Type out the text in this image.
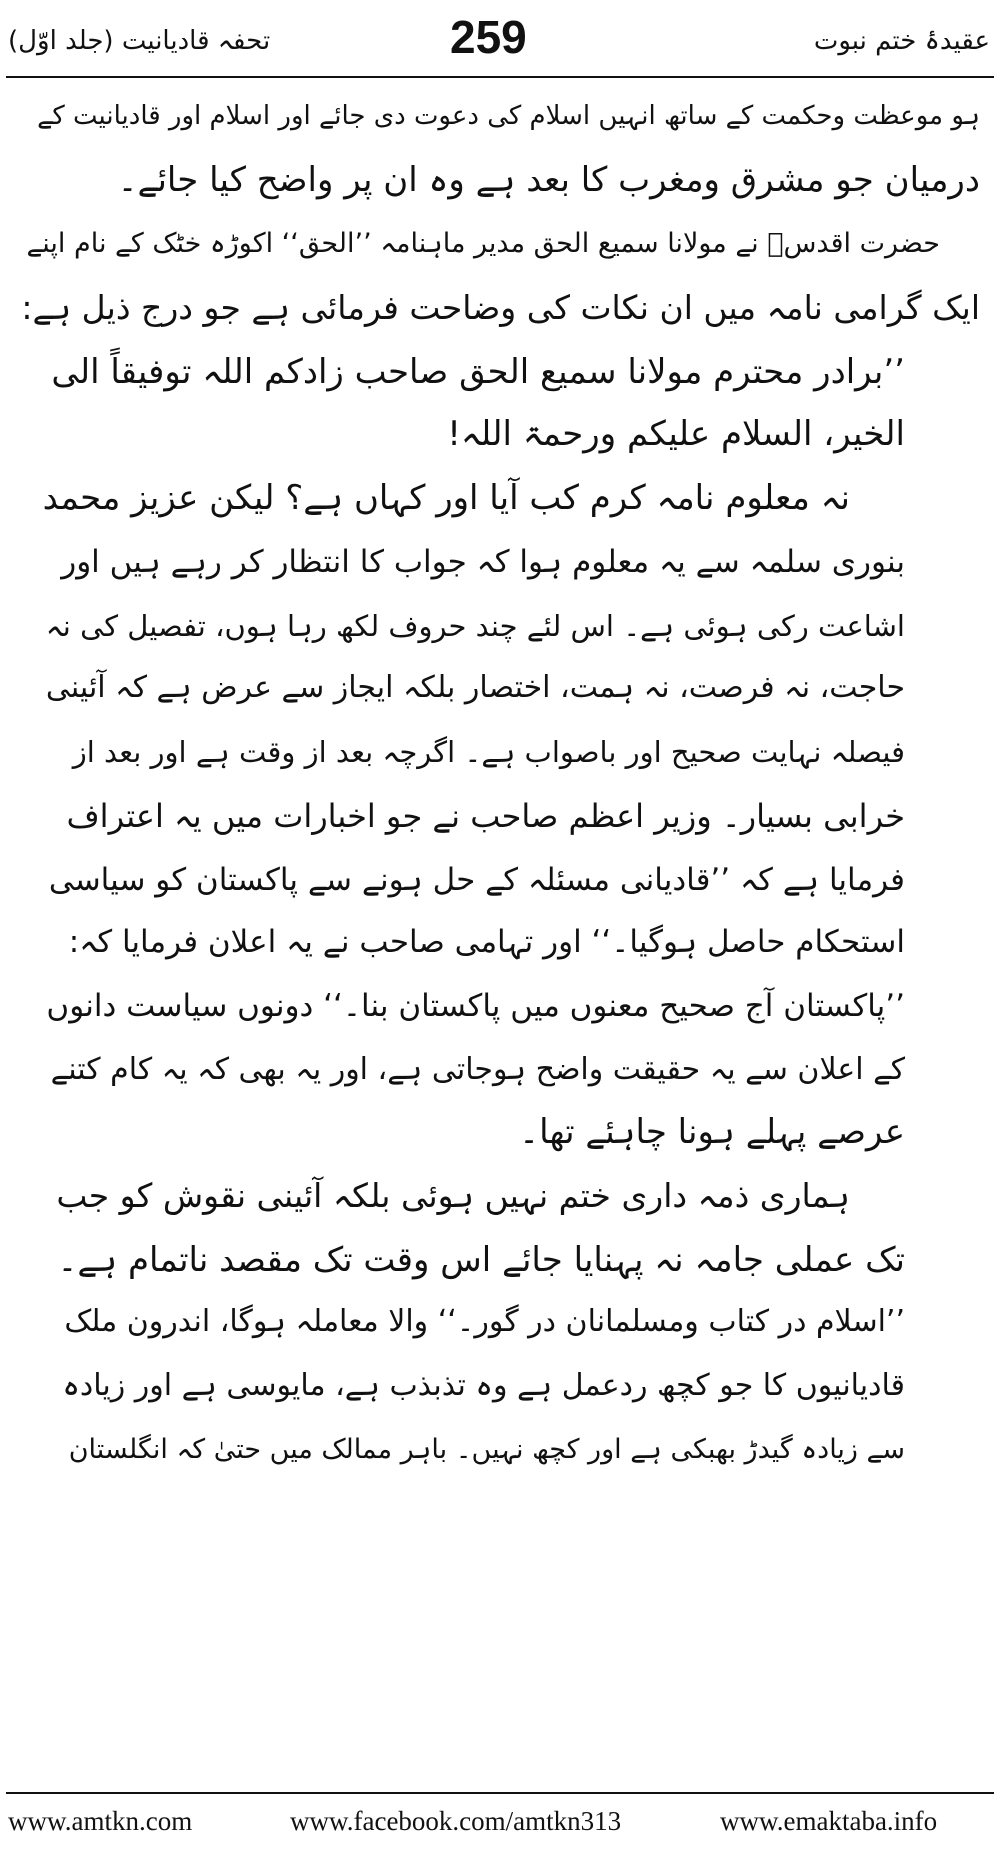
تحفہ قادیانیت (جلد اوّل)	259	عقیدۂ ختم نبوت
ہو موعظت وحکمت کے ساتھ انہیں اسلام کی دعوت دی جائے اور اسلام اور قادیانیت کے
درمیان جو مشرق ومغرب کا بعد ہے وہ ان پر واضح کیا جائے۔
حضرت اقدسؒ نے مولانا سمیع الحق مدیر ماہنامہ ’’الحق‘‘ اکوڑہ خٹک کے نام اپنے
ایک گرامی نامہ میں ان نکات کی وضاحت فرمائی ہے جو درج ذیل ہے:
’’برادر محترم مولانا سمیع الحق صاحب زادکم اللہ توفیقاً الی
الخیر، السلام علیکم ورحمۃ اللہ!
نہ معلوم نامہ کرم کب آیا اور کہاں ہے؟ لیکن عزیز محمد
بنوری سلمہ سے یہ معلوم ہوا کہ جواب کا انتظار کر رہے ہیں اور
اشاعت رکی ہوئی ہے۔ اس لئے چند حروف لکھ رہا ہوں، تفصیل کی نہ
حاجت، نہ فرصت، نہ ہمت، اختصار بلکہ ایجاز سے عرض ہے کہ آئینی
فیصلہ نہایت صحیح اور باصواب ہے۔ اگرچہ بعد از وقت ہے اور بعد از
خرابی بسیار۔ وزیر اعظم صاحب نے جو اخبارات میں یہ اعتراف
فرمایا ہے کہ ’’قادیانی مسئلہ کے حل ہونے سے پاکستان کو سیاسی
استحکام حاصل ہوگیا۔‘‘ اور تہامی صاحب نے یہ اعلان فرمایا کہ:
’’پاکستان آج صحیح معنوں میں پاکستان بنا۔‘‘ دونوں سیاست دانوں
کے اعلان سے یہ حقیقت واضح ہوجاتی ہے، اور یہ بھی کہ یہ کام کتنے
عرصے پہلے ہونا چاہئے تھا۔
ہماری ذمہ داری ختم نہیں ہوئی بلکہ آئینی نقوش کو جب
تک عملی جامہ نہ پہنایا جائے اس وقت تک مقصد ناتمام ہے۔
’’اسلام در کتاب ومسلمانان در گور۔‘‘ والا معاملہ ہوگا، اندرون ملک
قادیانیوں کا جو کچھ ردعمل ہے وہ تذبذب ہے، مایوسی ہے اور زیادہ
سے زیادہ گیدڑ بھبکی ہے اور کچھ نہیں۔ باہر ممالک میں حتیٰ کہ انگلستان
www.amtkn.com	www.facebook.com/amtkn313	www.emaktaba.info
